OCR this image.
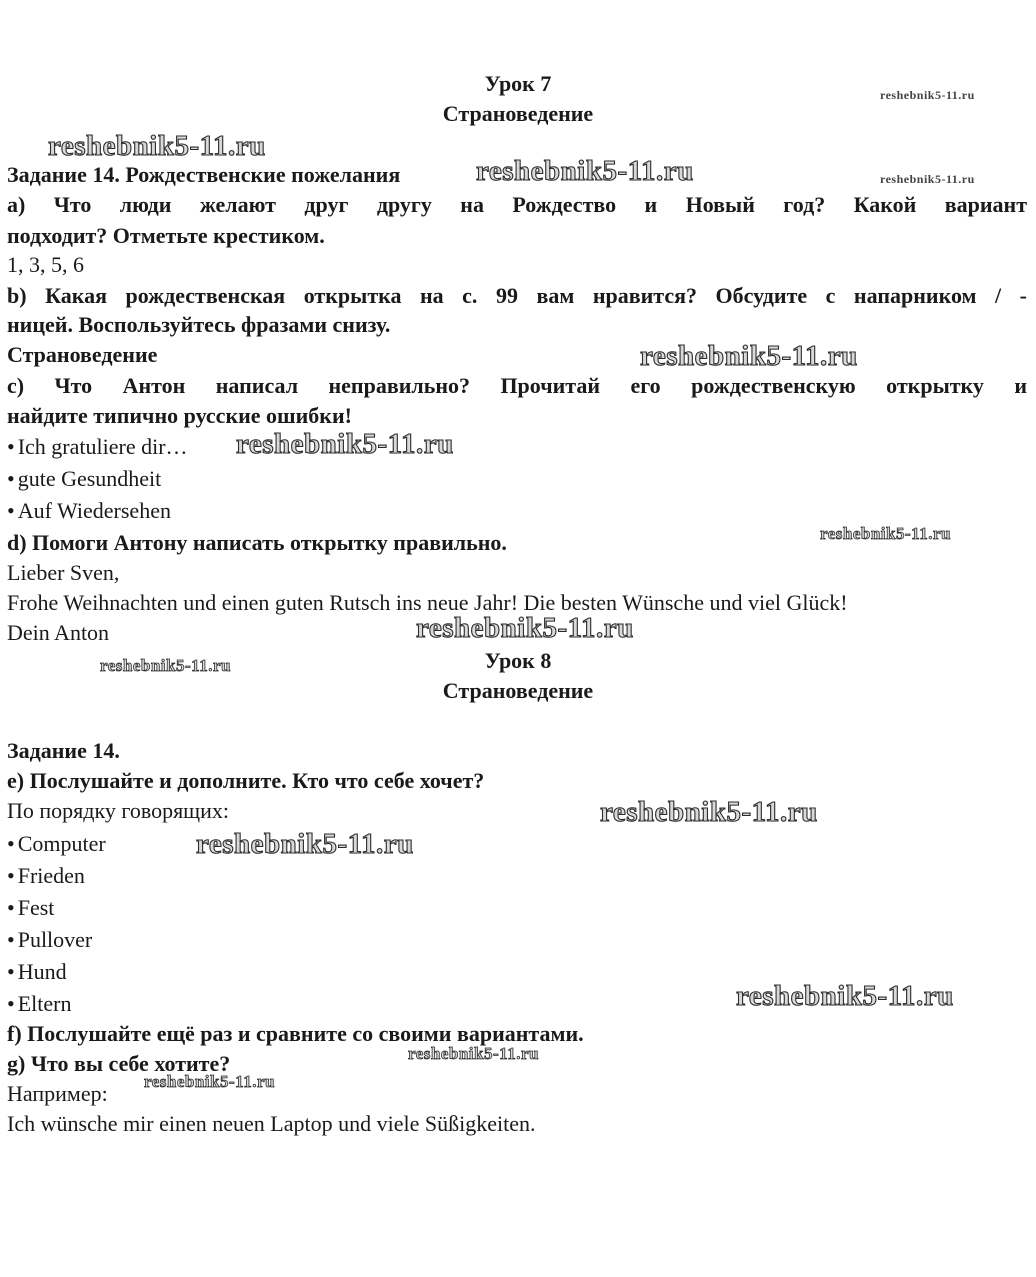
Урок 7
Страноведение
Задание 14. Рождественские пожелания
а) Что люди желают друг другу на Рождество и Новый год? Какой вариант
подходит? Отметьте крестиком.
1, 3, 5, 6
b) Какая рождественская открытка на с. 99 вам нравится? Обсудите с напарником / -
ницей. Воспользуйтесь фразами снизу.
Страноведение
с) Что Антон написал неправильно? Прочитай его рождественскую открытку и
найдите типично русские ошибки!
• Ich gratuliere dir…
• gute Gesundheit
• Auf Wiedersehen
d) Помоги Антону написать открытку правильно.
Lieber Sven,
Frohe Weihnachten und einen guten Rutsch ins neue Jahr! Die besten Wünsche und viel Glück!
Dein Anton
Урок 8
Страноведение
Задание 14.
е) Послушайте и дополните. Кто что себе хочет?
По порядку говорящих:
• Computer
• Frieden
• Fest
• Pullover
• Hund
• Eltern
f) Послушайте ещё раз и сравните со своими вариантами.
g) Что вы себе хотите?
Например:
Ich wünsche mir einen neuen Laptop und viele Süßigkeiten.
reshebnik5-11.ru
reshebnik5-11.ru
reshebnik5-11.ru	reshebnik5-11.ru
reshebnik5-11.ru
reshebnik5-11.ru
reshebnik5-11.ru
reshebnik5-11.ru
reshebnik5-11.ru
reshebnik5-11.ru
reshebnik5-11.ru
reshebnik5-11.ru
reshebnik5-11.ru
reshebnik5-11.ru
